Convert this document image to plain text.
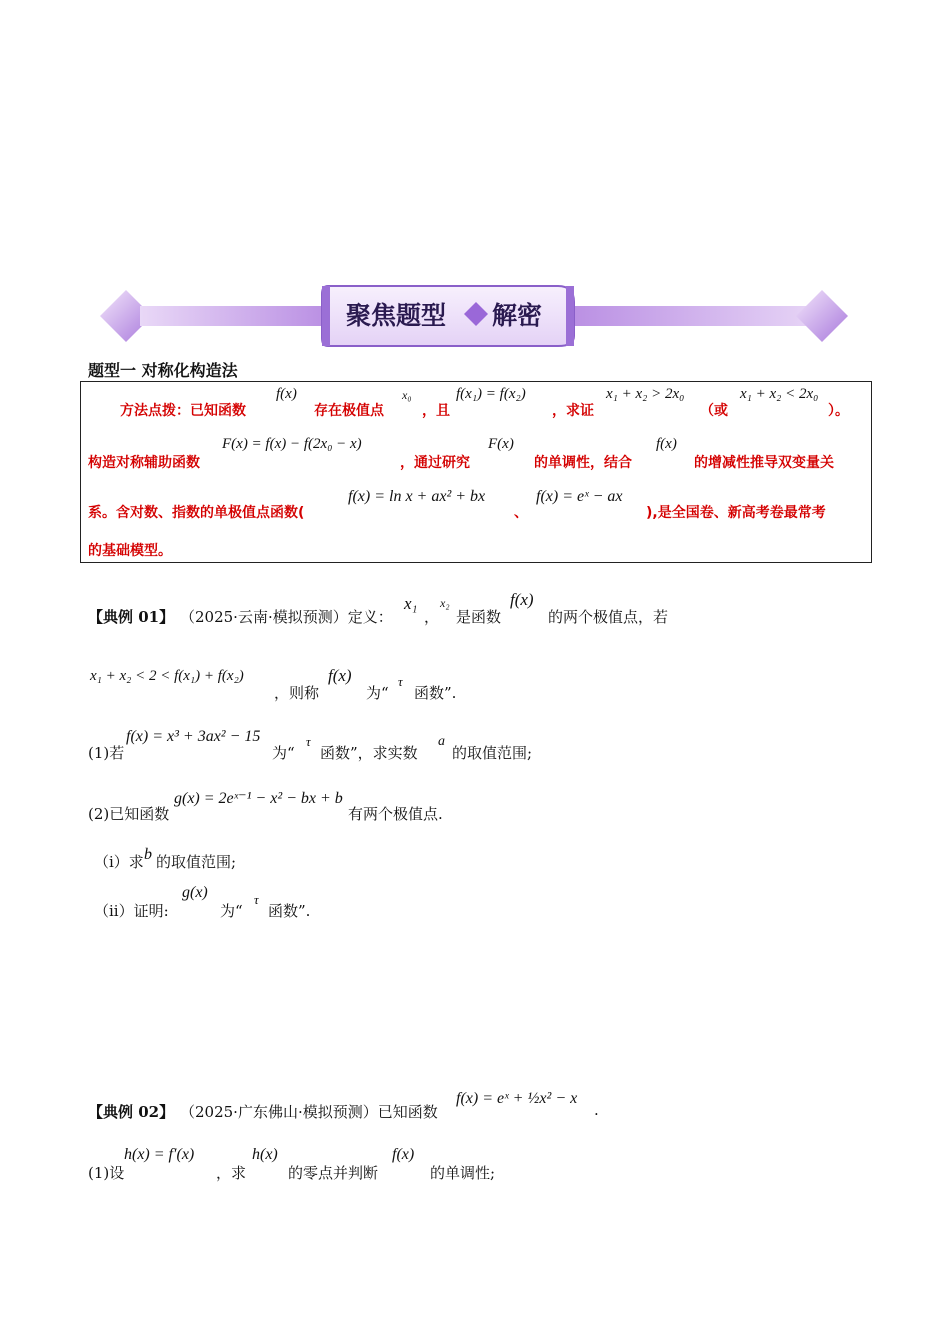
聚焦题型 解密
题型一 对称化构造法
方法点拨：已知函数
f(x)
存在极值点
x₀
，且
f(x₁) = f(x₂)
，求证
x₁ + x₂ > 2x₀
（或
x₁ + x₂ < 2x₀
）。
构造对称辅助函数
F(x) = f(x) − f(2x₀ − x)
，通过研究
F(x)
的单调性，结合
f(x)
的增减性推导双变量关
系。含对数、指数的单极值点函数(
f(x) = ln x + ax² + bx
、
f(x) = eˣ − ax
),是全国卷、新高考卷最常考
的基础模型。
【典例 01】 （2025·云南·模拟预测）定义：
x₁
，
x₂
是函数
f(x)
的两个极值点，若
x₁ + x₂ < 2 < f(x₁) + f(x₂)
，则称
f(x)
为“
τ
函数”.
(1)若
f(x) = x³ + 3ax² − 15
为“
τ
函数”，求实数
a
的取值范围;
(2)已知函数
g(x) = 2eˣ⁻¹ − x² − bx + b
有两个极值点.
（i）求 b 的取值范围;
（ii）证明:
g(x)
为“
τ
函数”.
【典例 02】 （2025·广东佛山·模拟预测）已知函数
f(x) = eˣ + ½x² − x
.
(1)设
h(x) = f′(x)
，求
h(x)
的零点并判断
f(x)
的单调性;
